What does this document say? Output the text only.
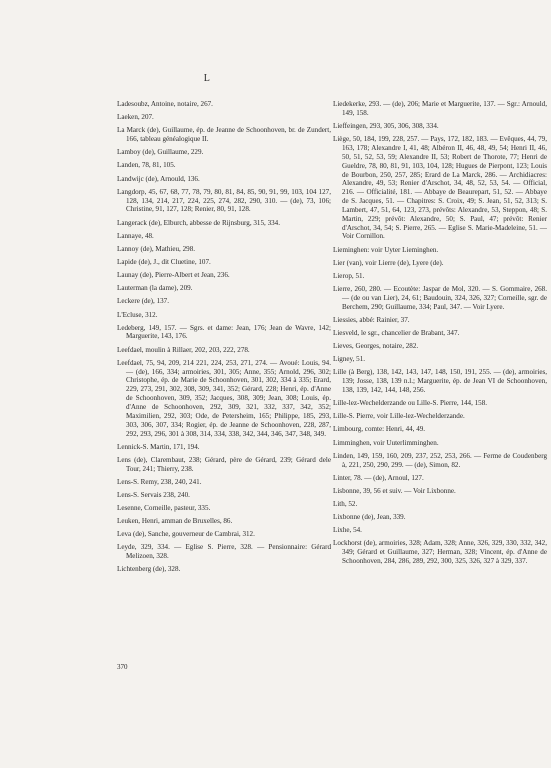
L

Ladesoubz, Antoine, notaire, 267.

Laeken, 207.

La Marck (de), Guillaume, ép. de Jeanne de Schoonhoven, br. de Zundert, 166, tableau généalogique II.

Lamboy (de), Guillaume, 229.

Landen, 78, 81, 105.

Landwijc (de), Arnould, 136.

Langdorp, 45, 67, 68, 77, 78, 79, 80, 81, 84, 85, 90, 91, 99, 103, 104 127, 128, 134, 214, 217, 224, 225, 274, 282, 290, 310. — (de), 73, 106; Christine, 91, 127, 128; Renier, 80, 91, 128.

Langerack (de), Elburch, abbesse de Rijnsburg, 315, 334.

Lannaye, 48.

Lannoy (de), Mathieu, 298.

Lapide (de), J., dit Cluetine, 107.

Launay (de), Pierre-Albert et Jean, 236.

Lauterman (la dame), 209.

Leckere (de), 137.

L'Ecluse, 312.

Ledeberg, 149, 157. — Sgrs. et dame: Jean, 176; Jean de Wavre, 142; Marguerite, 143, 176.

Leefdael, moulin à Rillaer, 202, 203, 222, 278.

Leefdael, 75, 94, 209, 214 221, 224, 253, 271, 274. — Avoué: Louis, 94. — (de), 166, 334; armoiries, 301, 305; Anne, 355; Arnold, 296, 302; Christophe, ép. de Marie de Schoonhoven, 301, 302, 334 à 335; Erard, 229, 273, 291, 302, 308, 309, 341, 352; Gérard, 228; Henri, ép. d'Anne de Schoonhoven, 309, 352; Jacques, 308, 309; Jean, 308; Louis, ép. d'Anne de Schoonhoven, 292, 309, 321, 332, 337, 342, 352; Maximilien, 292, 303; Ode, de Petersheim, 165; Philippe, 185, 293, 303, 306, 307, 334; Rogier, ép. de Jeanne de Schoonhoven, 228, 287, 292, 293, 296, 301 à 308, 314, 334, 338, 342, 344, 346, 347, 348, 349.

Lennick-S. Martin, 171, 194.

Lens (de), Clarembaut, 238; Gérard, père de Gérard, 239; Gérard dele Tour, 241; Thierry, 238.

Lens-S. Remy, 238, 240, 241.

Lens-S. Servais 238, 240.

Lesenne, Corneille, pasteur, 335.

Leuken, Henri, amman de Bruxelles, 86.

Leva (de), Sanche, gouverneur de Cambrai, 312.

Leyde, 329, 334. — Eglise S. Pierre, 328. — Pensionnaire: Gérard Melizoen, 328.

Lichtenberg (de), 328.

Liedekerke, 293. — (de), 206; Marie et Marguerite, 137. — Sgr.: Arnould, 149, 158.

Lieffeingen, 293, 305, 306, 308, 334.

Liège, 50, 184, 199, 228, 257. — Pays, 172, 182, 183. — Evêques, 44, 79, 163, 178; Alexandre I, 41, 48; Albéron II, 46, 48, 49, 54; Henri II, 46, 50, 51, 52, 53, 59; Alexandre II, 53; Robert de Thorote, 77; Henri de Gueldre, 78, 80, 81, 91, 103, 104, 128; Hugues de Pierpont, 123; Louis de Bourbon, 250, 257, 285; Erard de La Marck, 286. — Archidiacres: Alexandre, 49, 53; Renier d'Arschot, 34, 48, 52, 53, 54. — Official, 216. — Officialité, 181. — Abbaye de Beaurepart, 51, 52. — Abbaye de S. Jacques, 51. — Chapitres: S. Croix, 49; S. Jean, 51, 52, 313; S. Lambert, 47, 51, 64, 123, 273, prévôts: Alexandre, 53, Steppon, 48; S. Martin, 229; prévôt: Alexandre, 50; S. Paul, 47; prévôt: Renier d'Arschot, 34, 54; S. Pierre, 265. — Eglise S. Marie-Madeleine, 51. — Voir Cornillon.

Lieminghen: voir Uyter Lieminghen.

Lier (van), voir Lierre (de), Lyere (de).

Lierop, 51.

Lierre, 260, 280. — Ecoutète: Jaspar de Mol, 320. — S. Gommaire, 268. — (de ou van Lier), 24, 61; Baudouin, 324, 326, 327; Corneille, sgr. de Berchem, 290; Guillaume, 334; Paul, 347. — Voir Lyere.

Liessies, abbé: Rainier, 37.

Liesveld, le sgr., chancelier de Brabant, 347.

Lieves, Georges, notaire, 282.

Ligney, 51.

Lille (à Berg), 138, 142, 143, 147, 148, 150, 191, 255. — (de), armoiries, 139; Josse, 138, 139 n.l.; Marguerite, ép. de Jean VI de Schoonhoven, 138, 139, 142, 144, 148, 256.

Lille-lez-Wechelderzande ou Lille-S. Pierre, 144, 158.

Lille-S. Pierre, voir Lille-lez-Wechelderzande.

Limbourg, comte: Henri, 44, 49.

Limminghen, voir Uuterlimminghen.

Linden, 149, 159, 160, 209, 237, 252, 253, 266. — Ferme de Coudenberg à, 221, 250, 290, 299. — (de), Simon, 82.

Linter, 78. — (de), Arnoul, 127.

Lisbonne, 39, 56 et suiv. — Voir Lixbonne.

Lith, 52.

Lixbonne (de), Jean, 339.

Lixhe, 54.

Lockhorst (de), armoiries, 328; Adam, 328; Anne, 326, 329, 330, 332, 342, 349; Gérard et Guillaume, 327; Herman, 328; Vincent, ép. d'Anne de Schoonhoven, 284, 286, 289, 292, 300, 325, 326, 327 à 329, 337.

370
